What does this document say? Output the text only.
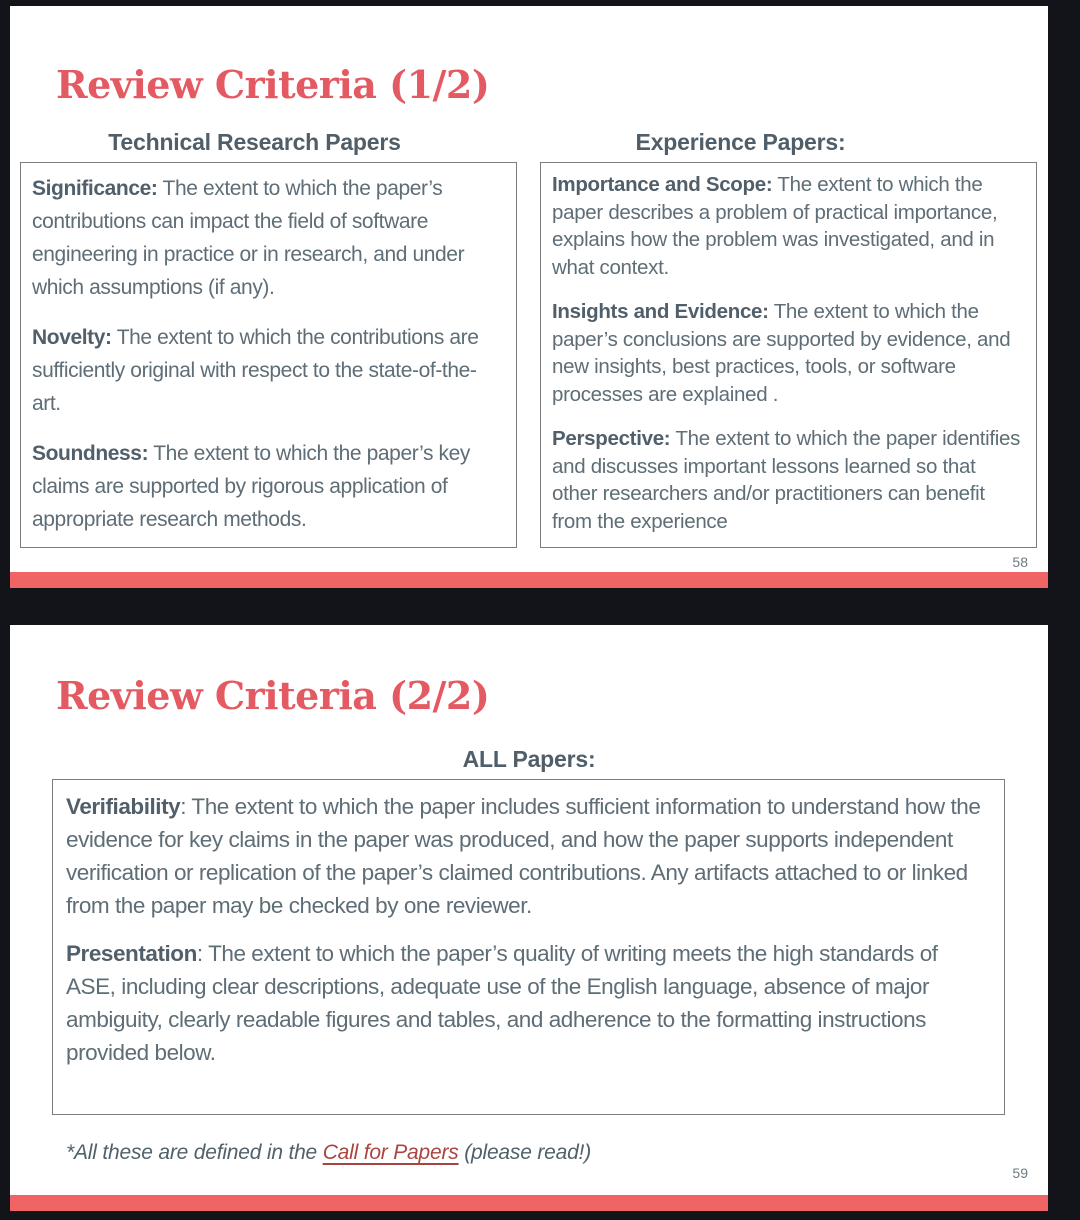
Review Criteria (1/2)
Technical Research Papers	Experience Papers:

Significance: The extent to which the paper’s contributions can impact the field of software engineering in practice or in research, and under which assumptions (if any).

Novelty: The extent to which the contributions are sufficiently original with respect to the state-of-the-art.

Soundness: The extent to which the paper’s key claims are supported by rigorous application of appropriate research methods.

Importance and Scope: The extent to which the paper describes a problem of practical importance, explains how the problem was investigated, and in what context.

Insights and Evidence: The extent to which the paper’s conclusions are supported by evidence, and new insights, best practices, tools, or software processes are explained .

Perspective: The extent to which the paper identifies and discusses important lessons learned so that other researchers and/or practitioners can benefit from the experience

58
Review Criteria (2/2)
ALL Papers:

Verifiability: The extent to which the paper includes sufficient information to understand how the evidence for key claims in the paper was produced, and how the paper supports independent verification or replication of the paper’s claimed contributions. Any artifacts attached to or linked from the paper may be checked by one reviewer.

Presentation: The extent to which the paper’s quality of writing meets the high standards of ASE, including clear descriptions, adequate use of the English language, absence of major ambiguity, clearly readable figures and tables, and adherence to the formatting instructions provided below.

*All these are defined in the Call for Papers (please read!)
59
